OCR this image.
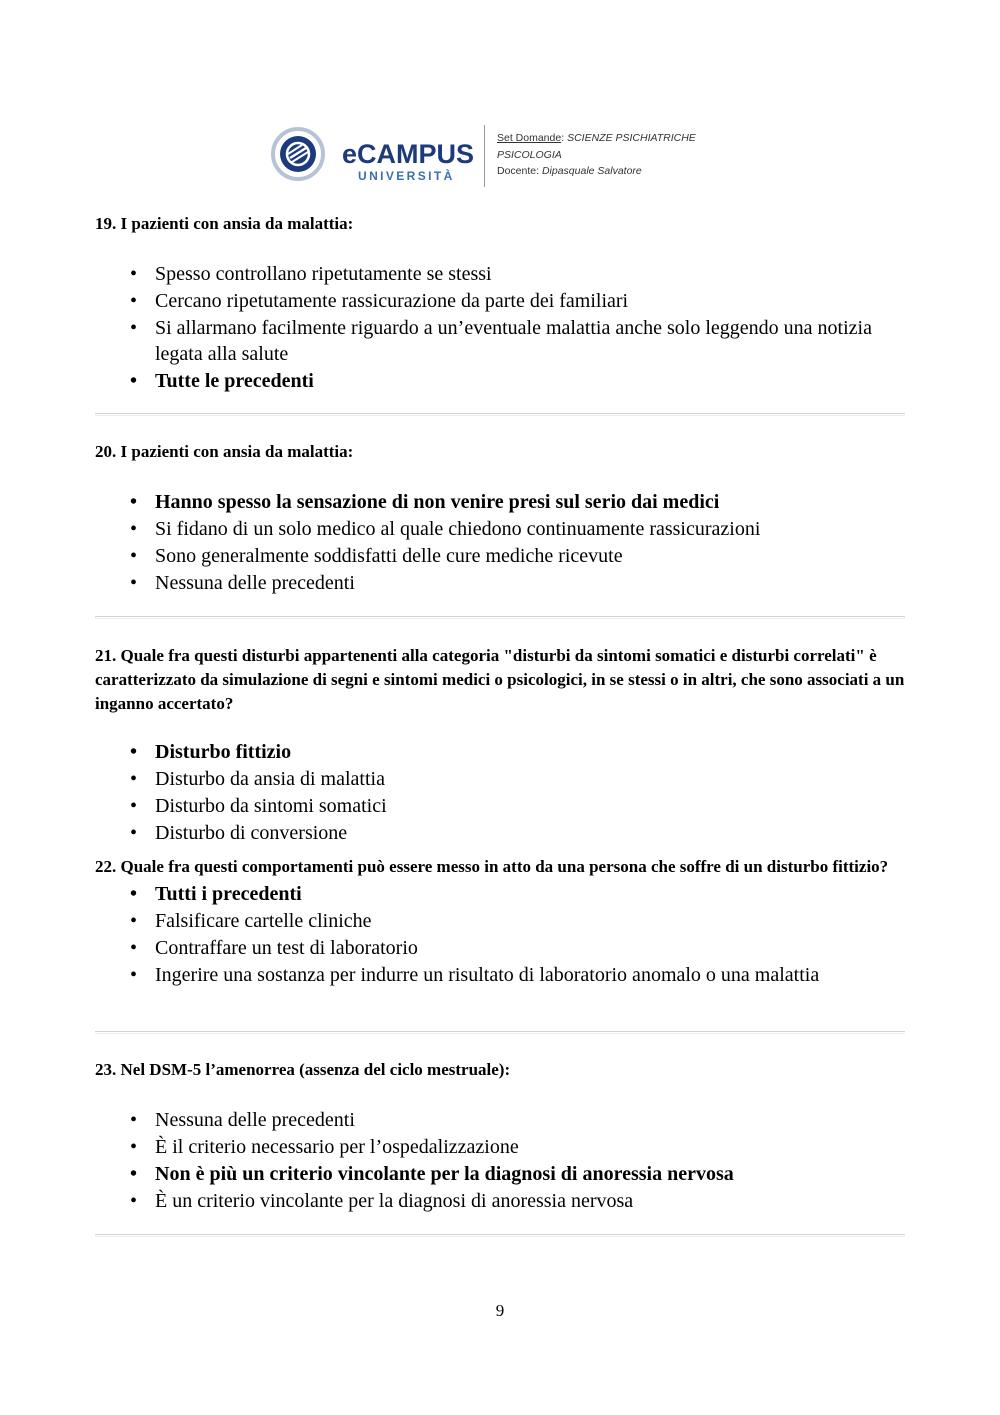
eCAMPUS
UNIVERSITÀ
Set Domande: SCIENZE PSICHIATRICHE
PSICOLOGIA
Docente: Dipasquale Salvatore

19. I pazienti con ansia da malattia:

• Spesso controllano ripetutamente se stessi
• Cercano ripetutamente rassicurazione da parte dei familiari
• Si allarmano facilmente riguardo a un’eventuale malattia anche solo leggendo una notizia legata alla salute
• Tutte le precedenti

20. I pazienti con ansia da malattia:

• Hanno spesso la sensazione di non venire presi sul serio dai medici
• Si fidano di un solo medico al quale chiedono continuamente rassicurazioni
• Sono generalmente soddisfatti delle cure mediche ricevute
• Nessuna delle precedenti

21. Quale fra questi disturbi appartenenti alla categoria "disturbi da sintomi somatici e disturbi correlati" è caratterizzato da simulazione di segni e sintomi medici o psicologici, in se stessi o in altri, che sono associati a un inganno accertato?

• Disturbo fittizio
• Disturbo da ansia di malattia
• Disturbo da sintomi somatici
• Disturbo di conversione

22. Quale fra questi comportamenti può essere messo in atto da una persona che soffre di un disturbo fittizio?

• Tutti i precedenti
• Falsificare cartelle cliniche
• Contraffare un test di laboratorio
• Ingerire una sostanza per indurre un risultato di laboratorio anomalo o una malattia

23. Nel DSM-5 l’amenorrea (assenza del ciclo mestruale):

• Nessuna delle precedenti
• È il criterio necessario per l’ospedalizzazione
• Non è più un criterio vincolante per la diagnosi di anoressia nervosa
• È un criterio vincolante per la diagnosi di anoressia nervosa
9
